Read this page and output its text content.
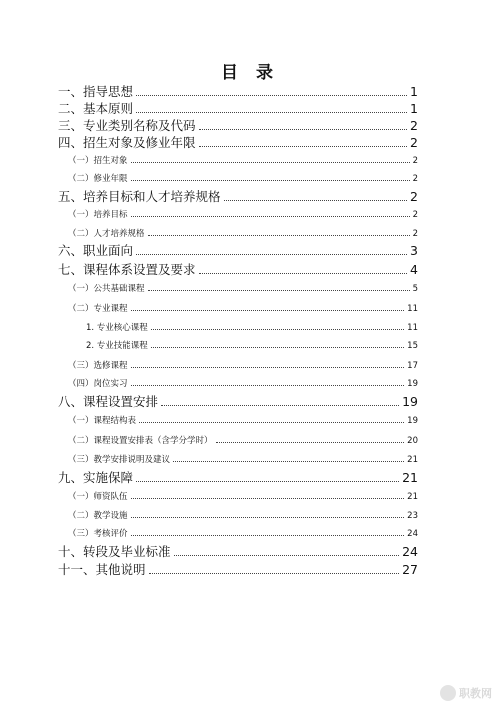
目 录
一、指导思想	1
二、基本原则	1
三、专业类别名称及代码	2
四、招生对象及修业年限	2
（一）招生对象	2
（二）修业年限	2
五、培养目标和人才培养规格	2
（一）培养目标	2
（二）人才培养规格	2
六、职业面向	3
七、课程体系设置及要求	4
（一）公共基础课程	5
（二）专业课程	11
1. 专业核心课程	11
2. 专业技能课程	15
（三）选修课程	17
（四）岗位实习	19
八、课程设置安排	19
（一）课程结构表	19
（二）课程设置安排表（含学分学时）	20
（三）教学安排说明及建议	21
九、实施保障	21
（一）师资队伍	21
（二）教学设施	23
（三）考核评价	24
十、转段及毕业标准	24
十一、其他说明	27
职教网
